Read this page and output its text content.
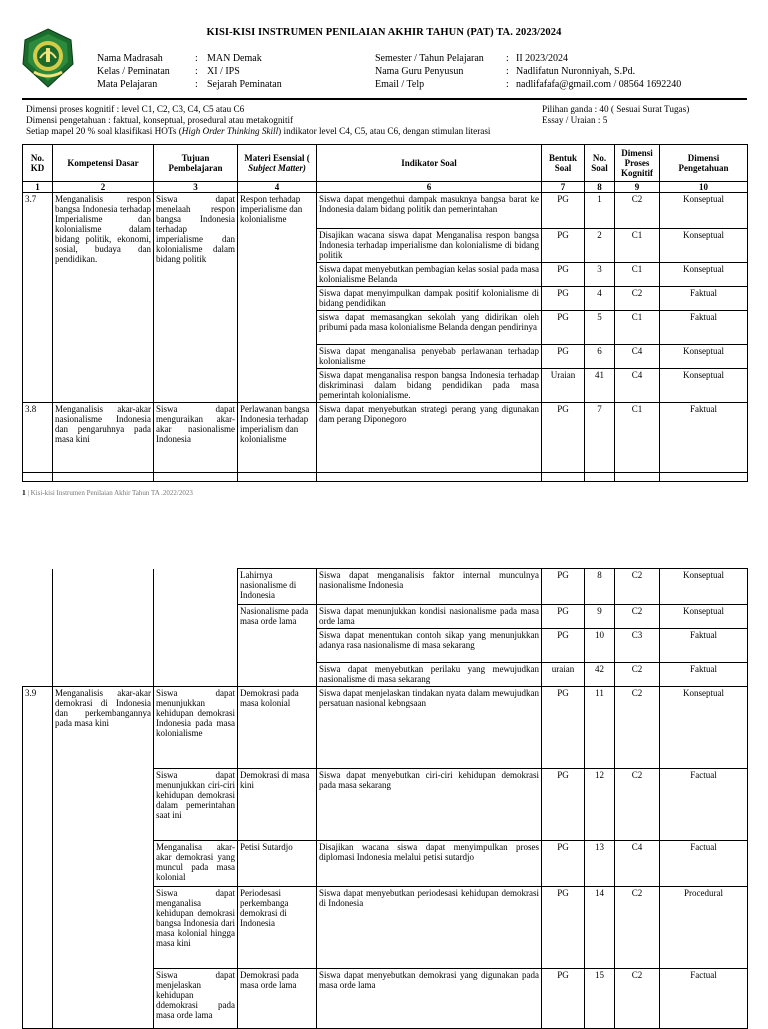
KISI-KISI INSTRUMEN PENILAIAN AKHIR TAHUN (PAT) TA. 2023/2024
Nama Madrasah	: MAN Demak
Kelas / Peminatan	: XI / IPS
Mata Pelajaran	: Sejarah Peminatan
Semester / Tahun Pelajaran	: II 2023/2024
Nama Guru Penyusun	: Nadlifatun Nuronniyah, S.Pd.
Email / Telp	: nadlifafafa@gmail.com / 08564 1692240
Dimensi proses kognitif : level C1, C2, C3, C4, C5 atau C6
Dimensi pengetahuan : faktual, konseptual, prosedural atau metakognitif
Setiap mapel 20 % soal klasifikasi HOTs (High Order Thinking Skill) indikator level C4, C5, atau C6, dengan stimulan literasi
Pilihan ganda : 40 ( Sesuai Surat Tugas)
Essay / Uraian : 5
No. KD	Kompetensi Dasar	Tujuan Pembelajaran	Materi Esensial ( Subject Matter)	Indikator Soal	Bentuk Soal	No. Soal	Dimensi Proses Kognitif	Dimensi Pengetahuan
1	2	3	4	6	7	8	9	10
3.7	Menganalisis respon bangsa Indonesia terhadap Imperialisme dan kolonialisme dalam bidang politik, ekonomi, sosial, budaya dan pendidikan.	Siswa dapat menelaah respon bangsa Indonesia terhadap imperialisme dan kolonialisme dalam bidang politik	Respon terhadap imperialisme dan kolonialisme	Siswa dapat mengethui dampak masuknya bangsa barat ke Indonesia dalam bidang politik dan pemerintahan	PG	1	C2	Konseptual
				Disajikan wacana siswa dapat Menganalisa respon bangsa Indonesia terhadap imperialisme dan kolonialisme di bidang politik	PG	2	C1	Konseptual
				Siswa dapat menyebutkan pembagian kelas sosial pada masa kolonialisme Belanda	PG	3	C1	Konseptual
				Siswa dapat menyimpulkan dampak positif kolonialisme di bidang pendidikan	PG	4	C2	Faktual
				siswa dapat memasangkan sekolah yang didirikan oleh pribumi pada masa kolonialisme Belanda dengan pendirinya	PG	5	C1	Faktual
				Siswa dapat menganalisa penyebab perlawanan terhadap kolonialisme	PG	6	C4	Konseptual
				Siswa dapat menganalisa respon bangsa Indonesia terhadap diskriminasi dalam bidang pendidikan pada masa pemerintah kolonialisme.	Uraian	41	C4	Konseptual
3.8	Menganalisis akar-akar nasionalisme Indonesia dan pengaruhnya pada masa kini	Siswa dapat menguraikan akar-akar nasionalisme Indonesia	Perlawanan bangsa Indonesia terhadap imperialism dan kolonialisme	Siswa dapat menyebutkan strategi perang yang digunakan dam perang Diponegoro	PG	7	C1	Faktual

1 | Kisi-kisi Instrumen Penilaian Akhir Tahun TA .2022/2023
			Lahirnya nasionalisme di Indonesia	Siswa dapat menganalisis faktor internal munculnya nasionalisme Indonesia	PG	8	C2	Konseptual
			Nasionalisme pada masa orde lama	Siswa dapat menunjukkan kondisi nasionalisme pada masa orde lama	PG	9	C2	Konseptual
				Siswa dapat menentukan contoh sikap yang menunjukkan adanya rasa nasionalisme di masa sekarang	PG	10	C3	Faktual
				Siswa dapat menyebutkan perilaku yang mewujudkan nasionalisme di masa sekarang	uraian	42	C2	Faktual
3.9	Menganalisis akar-akar demokrasi di Indonesia dan perkembangannya pada masa kini	Siswa dapat menunjukkan kehidupan demokrasi Indonesia pada masa kolonialisme	Demokrasi pada masa kolonial	Siswa dapat menjelaskan tindakan nyata dalam mewujudkan persatuan nasional kebngsaan	PG	11	C2	Konseptual
		Siswa dapat menunjukkan ciri-ciri kehidupan demokrasi dalam pemerintahan saat ini	Demokrasi di masa kini	Siswa dapat menyebutkan ciri-ciri kehidupan demokrasi pada masa sekarang	PG	12	C2	Factual
		Menganalisa akar-akar demokrasi yang muncul pada masa kolonial	Petisi Sutardjo	Disajikan wacana siswa dapat menyimpulkan proses diplomasi Indonesia melalui petisi sutardjo	PG	13	C4	Factual
		Siswa dapat menganalisa kehidupan demokrasi bangsa Indonesia dari masa kolonial hingga masa kini	Periodesasi perkembanga demokrasi di Indonesia	Siswa dapat menyebutkan periodesasi kehidupan demokrasi di Indonesia	PG	14	C2	Procedural
		Siswa dapat menjelaskan kehidupan ddemokrasi pada masa orde lama	Demokrasi pada masa orde lama	Siswa dapat menyebutkan demokrasi yang digunakan pada masa orde lama	PG	15	C2	Factual
